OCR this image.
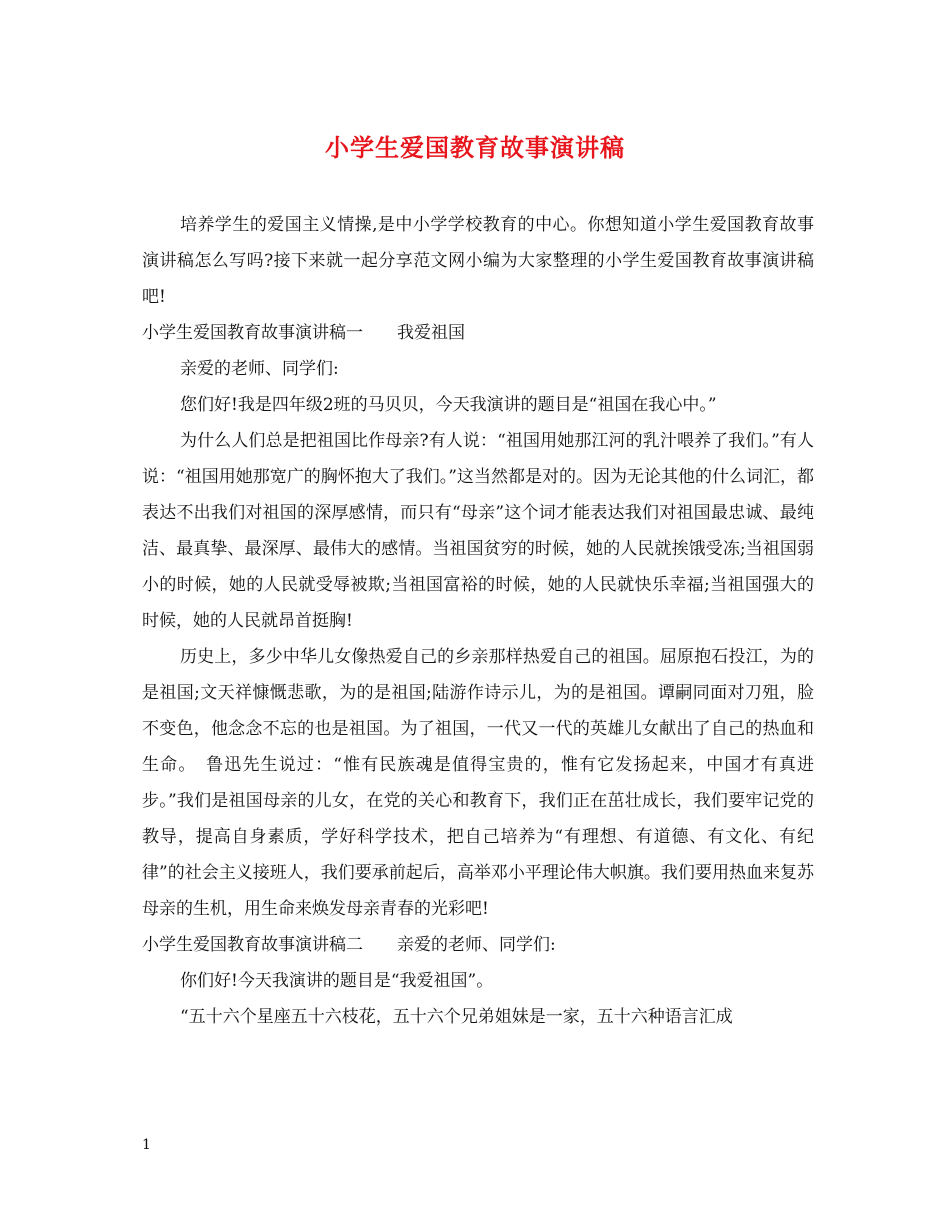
小学生爱国教育故事演讲稿

培养学生的爱国主义情操,是中小学学校教育的中心。你想知道小学生爱国教育故事演讲稿怎么写吗?接下来就一起分享范文网小编为大家整理的小学生爱国教育故事演讲稿吧!

小学生爱国教育故事演讲稿一　　我爱祖国

亲爱的老师、同学们:

您们好!我是四年级2班的马贝贝，今天我演讲的题目是“祖国在我心中。”

为什么人们总是把祖国比作母亲?有人说：“祖国用她那江河的乳汁喂养了我们。”有人说：“祖国用她那宽广的胸怀抱大了我们。”这当然都是对的。因为无论其他的什么词汇，都表达不出我们对祖国的深厚感情，而只有“母亲”这个词才能表达我们对祖国最忠诚、最纯洁、最真挚、最深厚、最伟大的感情。当祖国贫穷的时候，她的人民就挨饿受冻;当祖国弱小的时候，她的人民就受辱被欺;当祖国富裕的时候，她的人民就快乐幸福;当祖国强大的时候，她的人民就昂首挺胸!

历史上，多少中华儿女像热爱自己的乡亲那样热爱自己的祖国。屈原抱石投江，为的是祖国;文天祥慷慨悲歌，为的是祖国;陆游作诗示儿，为的是祖国。谭嗣同面对刀殂，脸不变色，他念念不忘的也是祖国。为了祖国，一代又一代的英雄儿女献出了自己的热血和生命。　鲁迅先生说过：“惟有民族魂是值得宝贵的，惟有它发扬起来，中国才有真进步。”我们是祖国母亲的儿女，在党的关心和教育下，我们正在茁壮成长，我们要牢记党的教导，提高自身素质，学好科学技术，把自己培养为“有理想、有道德、有文化、有纪律”的社会主义接班人，我们要承前起后，高举邓小平理论伟大帜旗。我们要用热血来复苏母亲的生机，用生命来焕发母亲青春的光彩吧!

小学生爱国教育故事演讲稿二　　亲爱的老师、同学们:

你们好!今天我演讲的题目是“我爱祖国”。

“五十六个星座五十六枝花，五十六个兄弟姐妹是一家，五十六种语言汇成

1
